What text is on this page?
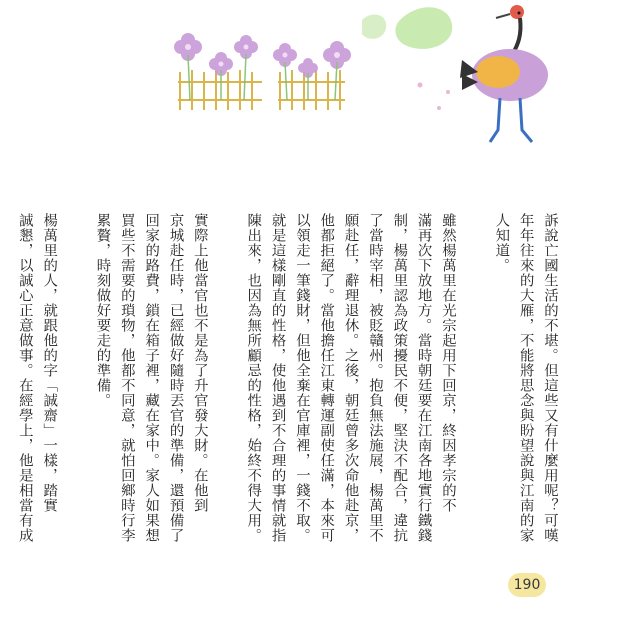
訴說亡國生活的不堪。但這些又有什麼用呢？可嘆
年年往來的大雁，不能將思念與盼望說與江南的家
人知道。
雖然楊萬里在光宗起用下回京，終因孝宗的不
滿再次下放地方。當時朝廷要在江南各地實行鐵錢
制，楊萬里認為政策擾民不便，堅決不配合，違抗
了當時宰相，被貶贛州。抱負無法施展，楊萬里不
願赴任，辭理退休。之後，朝廷曾多次命他赴京，
他都拒絕了。當他擔任江東轉運副使任滿，本來可
以領走一筆錢財，但他全棄在官庫裡，一錢不取。
就是這樣剛直的性格，使他遇到不合理的事情就指
陳出來，也因為無所顧忌的性格，始終不得大用。
實際上他當官也不是為了升官發大財。在他到
京城赴任時，已經做好隨時丟官的準備，還預備了
回家的路費，鎖在箱子裡，藏在家中。家人如果想
買些不需要的瑣物，他都不同意，就怕回鄉時行李
累贅，時刻做好要走的準備。
楊萬里的人，就跟他的字「誠齋」一樣，踏實
誠懇，以誠心正意做事。在經學上，他是相當有成
190
